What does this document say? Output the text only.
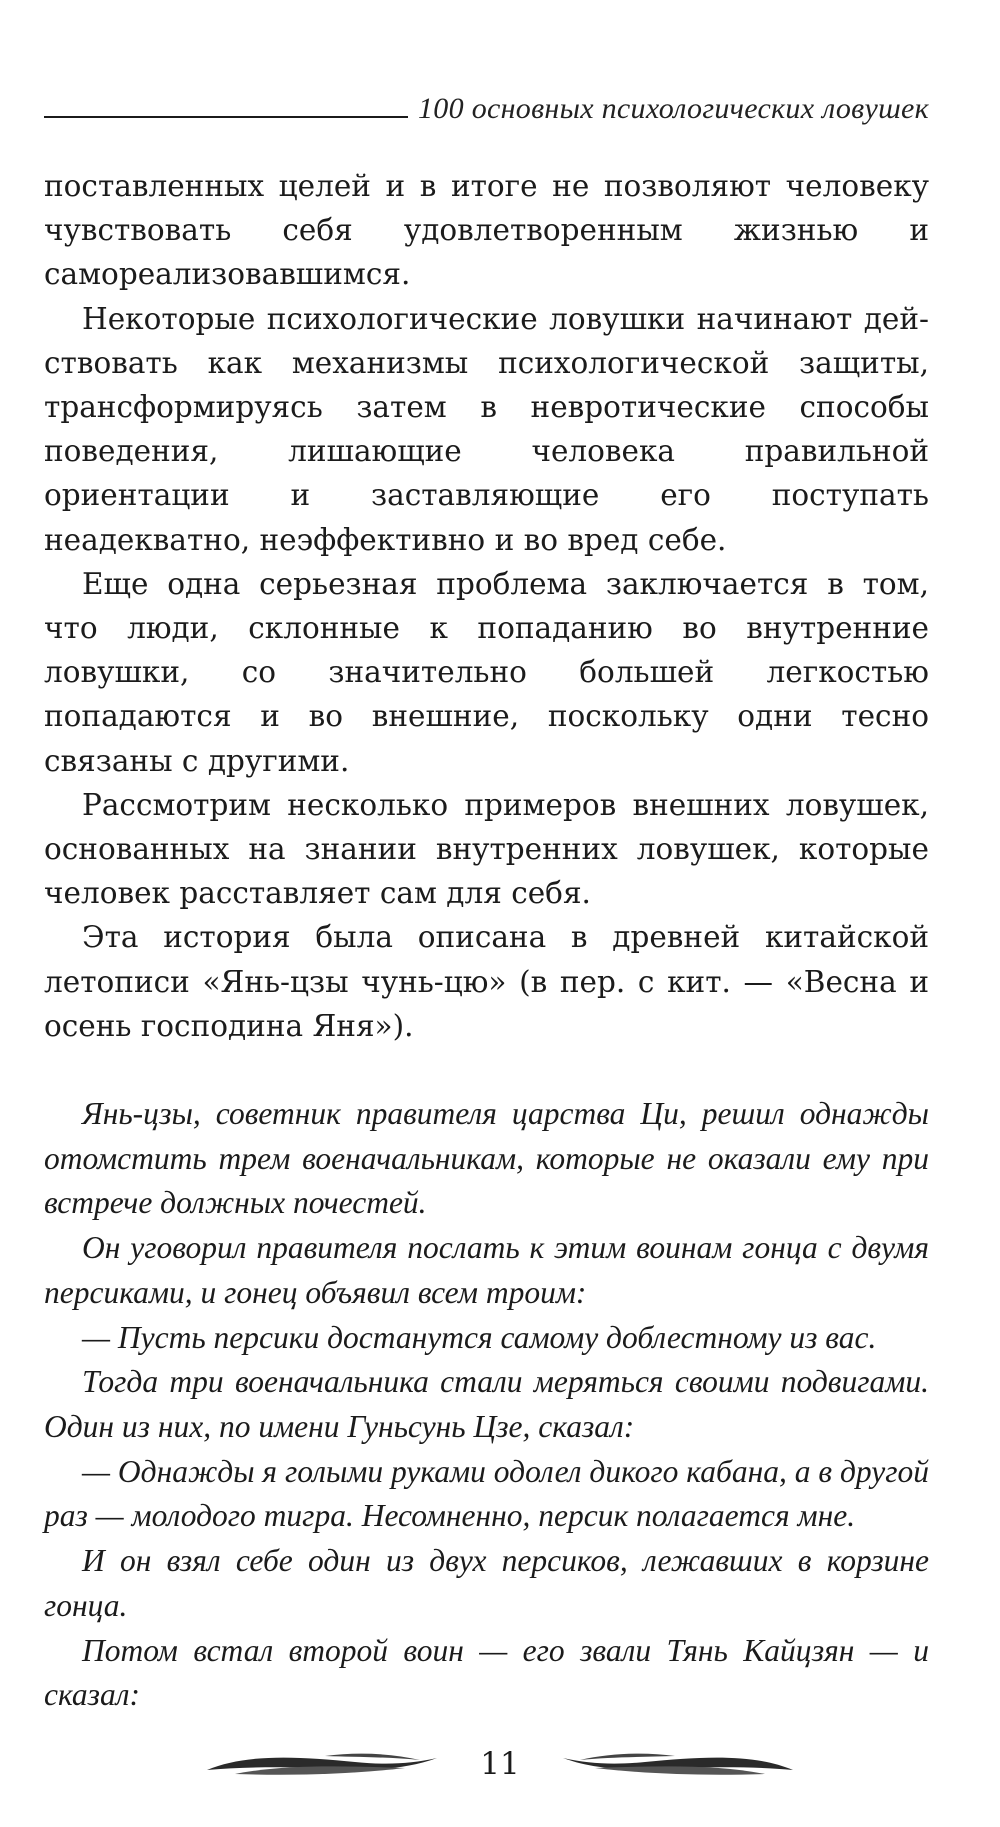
100 основных психологических ловушек

поставленных целей и в итоге не позволяют человеку чувствовать себя удовлетворенным жизнью и самореализовавшимся.

Некоторые психологические ловушки начинают действовать как механизмы психологической защиты, трансформируясь затем в невротические способы поведения, лишающие человека правильной ориентации и заставляющие его поступать неадекватно, неэффективно и во вред себе.

Еще одна серьезная проблема заключается в том, что люди, склонные к попаданию во внутренние ловушки, со значительно большей легкостью попадаются и во внешние, поскольку одни тесно связаны с другими.

Рассмотрим несколько примеров внешних ловушек, основанных на знании внутренних ловушек, которые человек расставляет сам для себя.

Эта история была описана в древней китайской летописи «Янь-цзы чунь-цю» (в пер. с кит. — «Весна и осень господина Яня»).

Янь-цзы, советник правителя царства Ци, решил однажды отомстить трем военачальникам, которые не оказали ему при встрече должных почестей.

Он уговорил правителя послать к этим воинам гонца с двумя персиками, и гонец объявил всем троим:

— Пусть персики достанутся самому доблестному из вас.

Тогда три военачальника стали меряться своими подвигами. Один из них, по имени Гуньсунь Цзе, сказал:

— Однажды я голыми руками одолел дикого кабана, а в другой раз — молодого тигра. Несомненно, персик полагается мне.

И он взял себе один из двух персиков, лежавших в корзине гонца.

Потом встал второй воин — его звали Тянь Кайцзян — и сказал:

11
